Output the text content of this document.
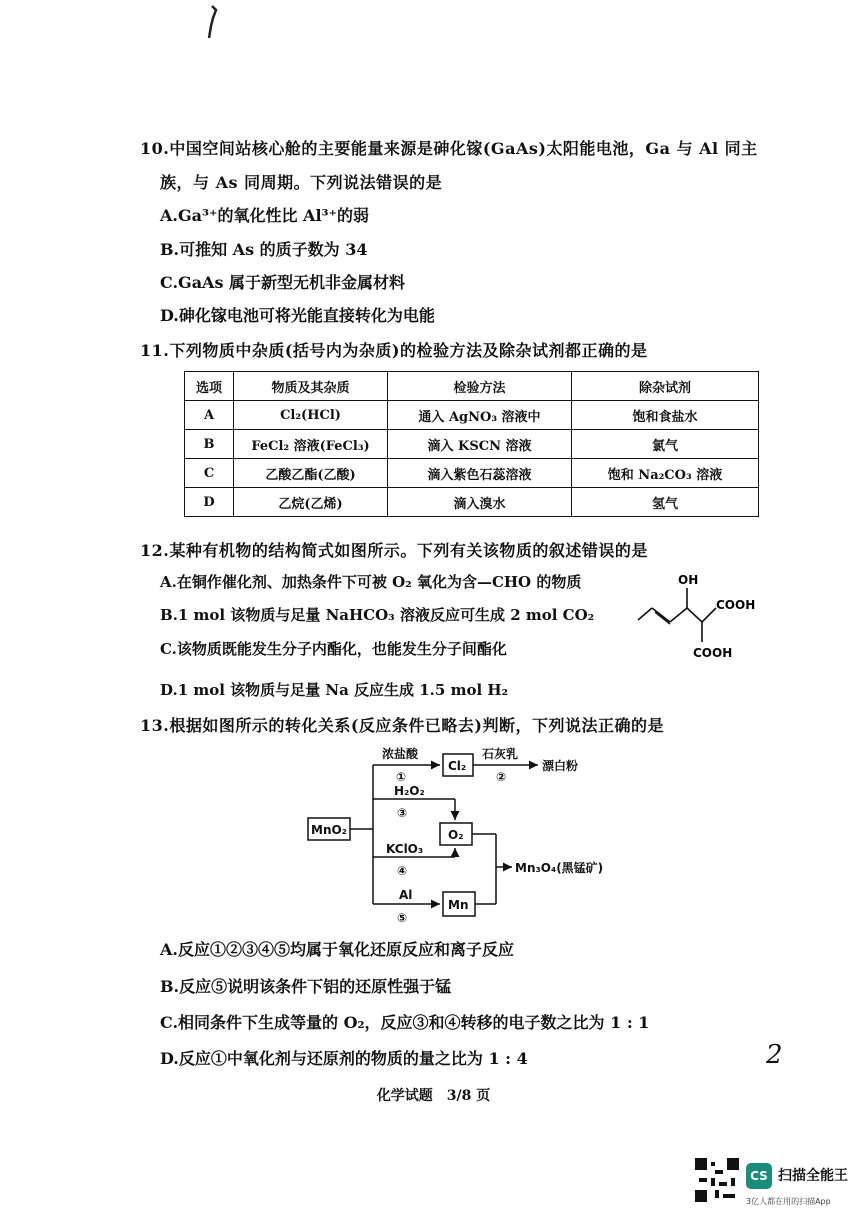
10.中国空间站核心舱的主要能量来源是砷化镓(GaAs)太阳能电池，Ga 与 Al 同主
族，与 As 同周期。下列说法错误的是
A.Ga³⁺的氧化性比 Al³⁺的弱
B.可推知 As 的质子数为 34
C.GaAs 属于新型无机非金属材料
D.砷化镓电池可将光能直接转化为电能
11.下列物质中杂质(括号内为杂质)的检验方法及除杂试剂都正确的是
选项	物质及其杂质	检验方法	除杂试剂
A	Cl₂(HCl)	通入 AgNO₃ 溶液中	饱和食盐水
B	FeCl₂ 溶液(FeCl₃)	滴入 KSCN 溶液	氯气
C	乙酸乙酯(乙酸)	滴入紫色石蕊溶液	饱和 Na₂CO₃ 溶液
D	乙烷(乙烯)	滴入溴水	氢气
12.某种有机物的结构简式如图所示。下列有关该物质的叙述错误的是
A.在铜作催化剂、加热条件下可被 O₂ 氧化为含—CHO 的物质
B.1 mol 该物质与足量 NaHCO₃ 溶液反应可生成 2 mol CO₂
C.该物质既能发生分子内酯化，也能发生分子间酯化
D.1 mol 该物质与足量 Na 反应生成 1.5 mol H₂
OH
COOH
COOH
13.根据如图所示的转化关系(反应条件已略去)判断，下列说法正确的是
MnO₂
Cl₂
O₂
Mn
漂白粉
Mn₃O₄(黑锰矿)
浓盐酸
①
石灰乳
②
H₂O₂
③
KClO₃
④
Al
⑤
A.反应①②③④⑤均属于氧化还原反应和离子反应
B.反应⑤说明该条件下铝的还原性强于锰
C.相同条件下生成等量的 O₂，反应③和④转移的电子数之比为 1 : 1
D.反应①中氧化剂与还原剂的物质的量之比为 1 : 4	2
化学试题　3/8 页
CS 扫描全能王
3亿人都在用的扫描App
